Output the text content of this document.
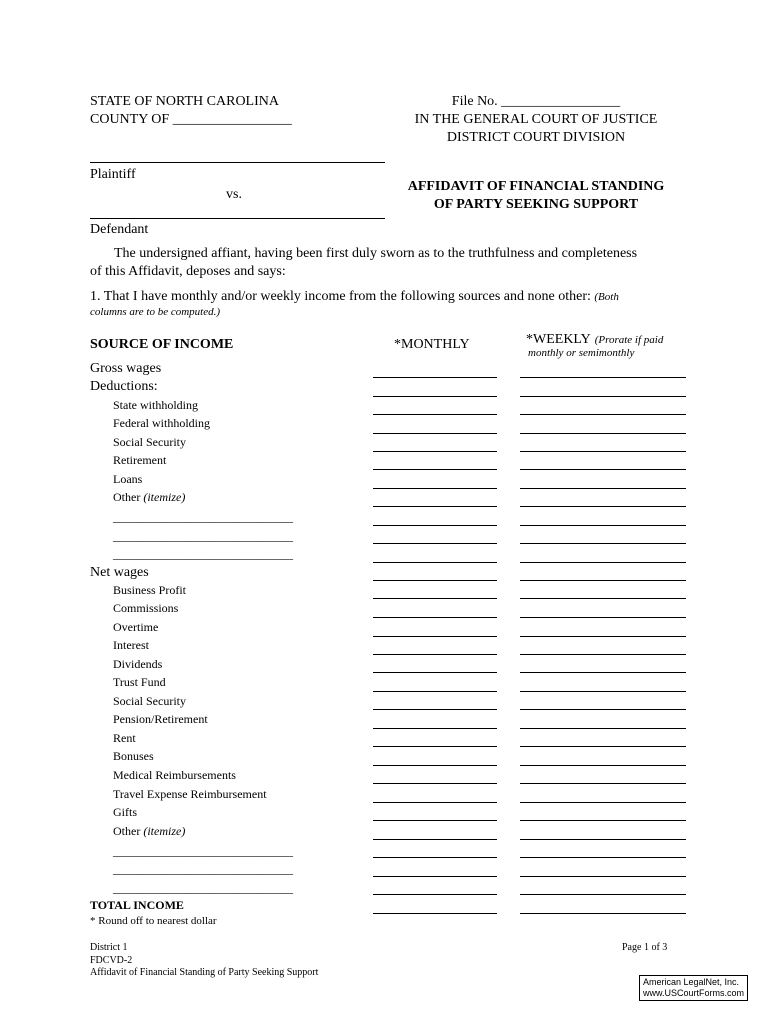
STATE OF NORTH CAROLINA
COUNTY OF _________________
File No. _________________
IN THE GENERAL COURT OF JUSTICE
DISTRICT COURT DIVISION
Plaintiff
vs.
Defendant
AFFIDAVIT OF FINANCIAL STANDING
OF PARTY SEEKING SUPPORT
The undersigned affiant, having been first duly sworn as to the truthfulness and completeness
of this Affidavit, deposes and says:
1. That I have monthly and/or weekly income from the following sources and none other: (Both
columns are to be computed.)
SOURCE OF INCOME	*MONTHLY	*WEEKLY (Prorate if paid
monthly or semimonthly
Gross wages
Deductions:
State withholding
Federal withholding
Social Security
Retirement
Loans
Other (itemize)
______________________________
______________________________
______________________________
Net wages
Business Profit
Commissions
Overtime
Interest
Dividends
Trust Fund
Social Security
Pension/Retirement
Rent
Bonuses
Medical Reimbursements
Travel Expense Reimbursement
Gifts
Other (itemize)
______________________________
______________________________
______________________________
TOTAL INCOME
* Round off to nearest dollar
District 1
FDCVD-2
Affidavit of Financial Standing of Party Seeking Support
Page 1 of 3
American LegalNet, Inc.
www.USCourtForms.com
